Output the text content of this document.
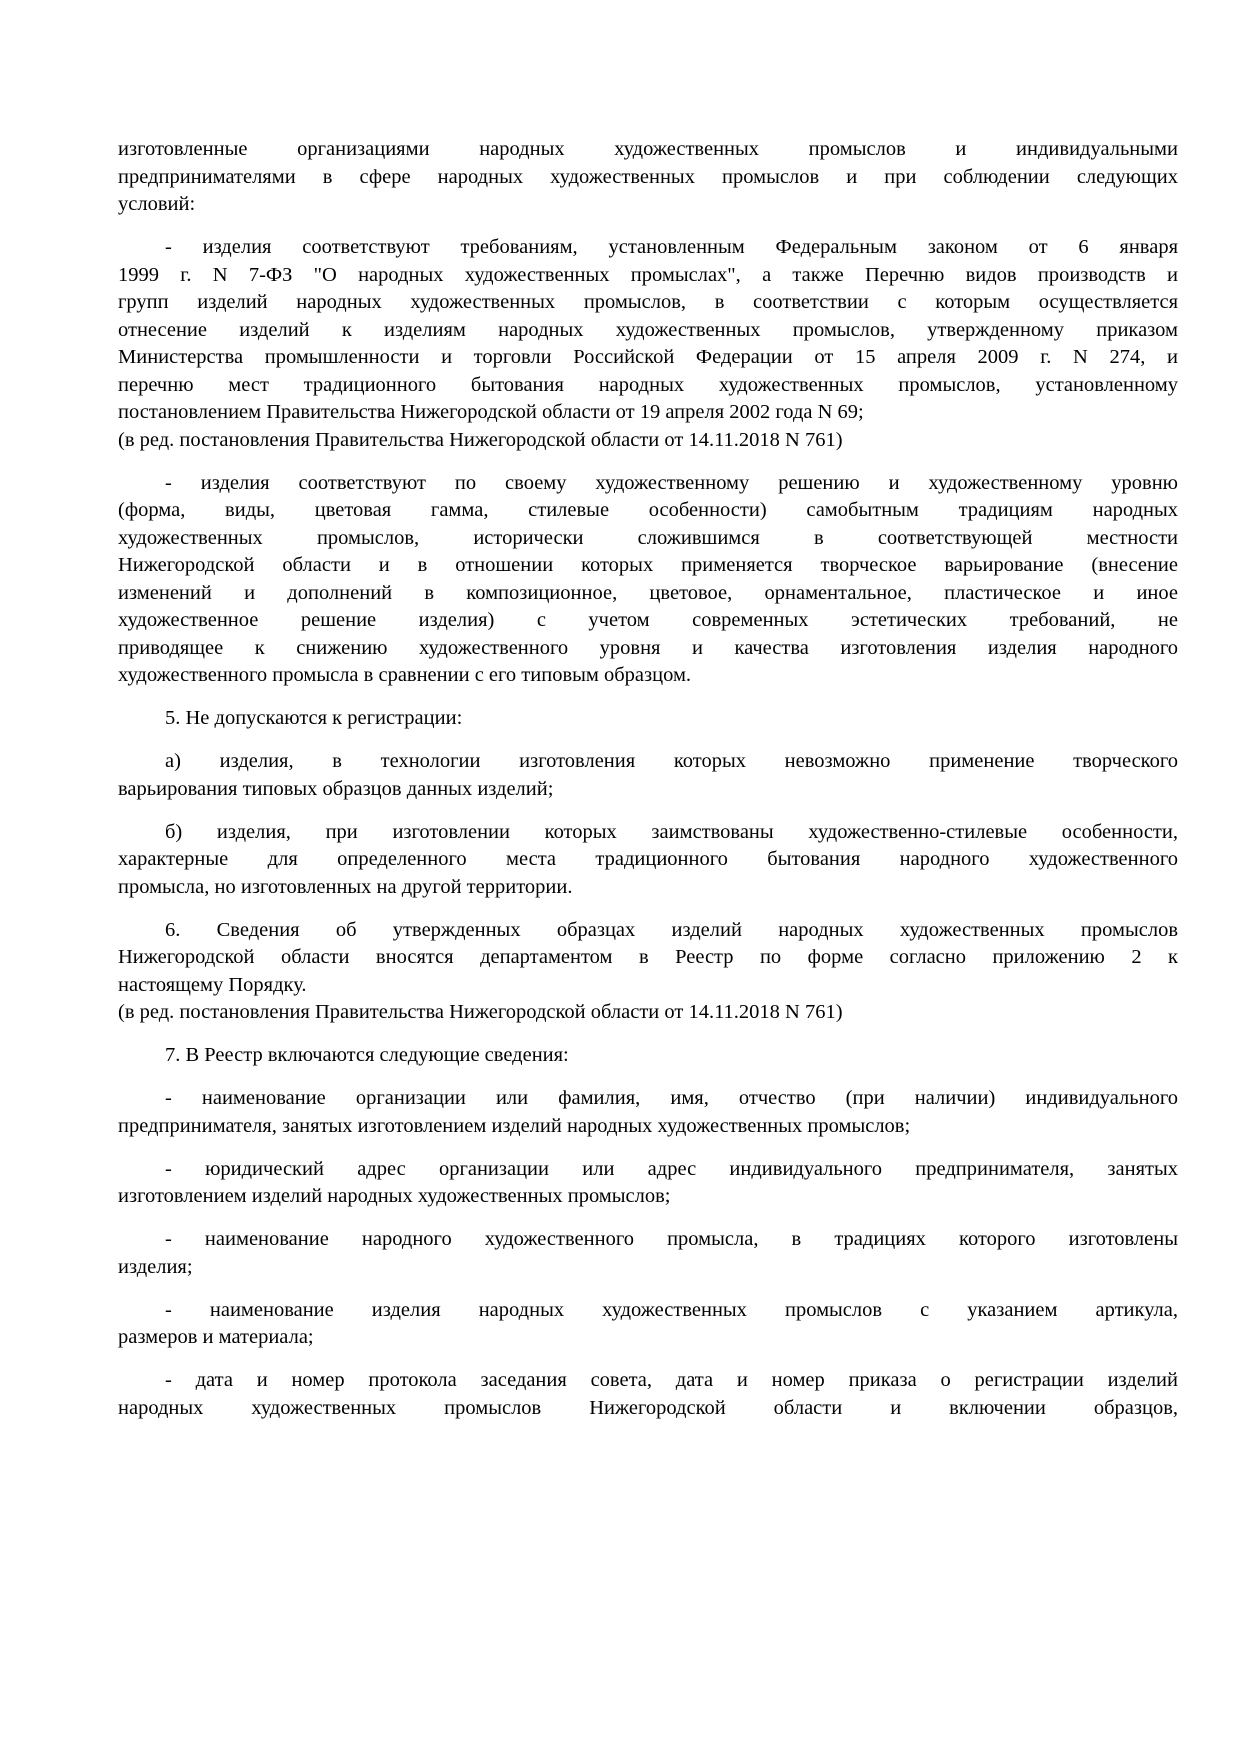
изготовленные организациями народных художественных промыслов и индивидуальными
предпринимателями в сфере народных художественных промыслов и при соблюдении следующих
условий:
- изделия соответствуют требованиям, установленным Федеральным законом от 6 января
1999 г. N 7-ФЗ "О народных художественных промыслах", а также Перечню видов производств и
групп изделий народных художественных промыслов, в соответствии с которым осуществляется
отнесение изделий к изделиям народных художественных промыслов, утвержденному приказом
Министерства промышленности и торговли Российской Федерации от 15 апреля 2009 г. N 274, и
перечню мест традиционного бытования народных художественных промыслов, установленному
постановлением Правительства Нижегородской области от 19 апреля 2002 года N 69;
(в ред. постановления Правительства Нижегородской области от 14.11.2018 N 761)
- изделия соответствуют по своему художественному решению и художественному уровню
(форма, виды, цветовая гамма, стилевые особенности) самобытным традициям народных
художественных промыслов, исторически сложившимся в соответствующей местности
Нижегородской области и в отношении которых применяется творческое варьирование (внесение
изменений и дополнений в композиционное, цветовое, орнаментальное, пластическое и иное
художественное решение изделия) с учетом современных эстетических требований, не
приводящее к снижению художественного уровня и качества изготовления изделия народного
художественного промысла в сравнении с его типовым образцом.
5. Не допускаются к регистрации:
а) изделия, в технологии изготовления которых невозможно применение творческого
варьирования типовых образцов данных изделий;
б) изделия, при изготовлении которых заимствованы художественно-стилевые особенности,
характерные для определенного места традиционного бытования народного художественного
промысла, но изготовленных на другой территории.
6. Сведения об утвержденных образцах изделий народных художественных промыслов
Нижегородской области вносятся департаментом в Реестр по форме согласно приложению 2 к
настоящему Порядку.
(в ред. постановления Правительства Нижегородской области от 14.11.2018 N 761)
7. В Реестр включаются следующие сведения:
- наименование организации или фамилия, имя, отчество (при наличии) индивидуального
предпринимателя, занятых изготовлением изделий народных художественных промыслов;
- юридический адрес организации или адрес индивидуального предпринимателя, занятых
изготовлением изделий народных художественных промыслов;
- наименование народного художественного промысла, в традициях которого изготовлены
изделия;
- наименование изделия народных художественных промыслов с указанием артикула,
размеров и материала;
- дата и номер протокола заседания совета, дата и номер приказа о регистрации изделий
народных художественных промыслов Нижегородской области и включении образцов,
